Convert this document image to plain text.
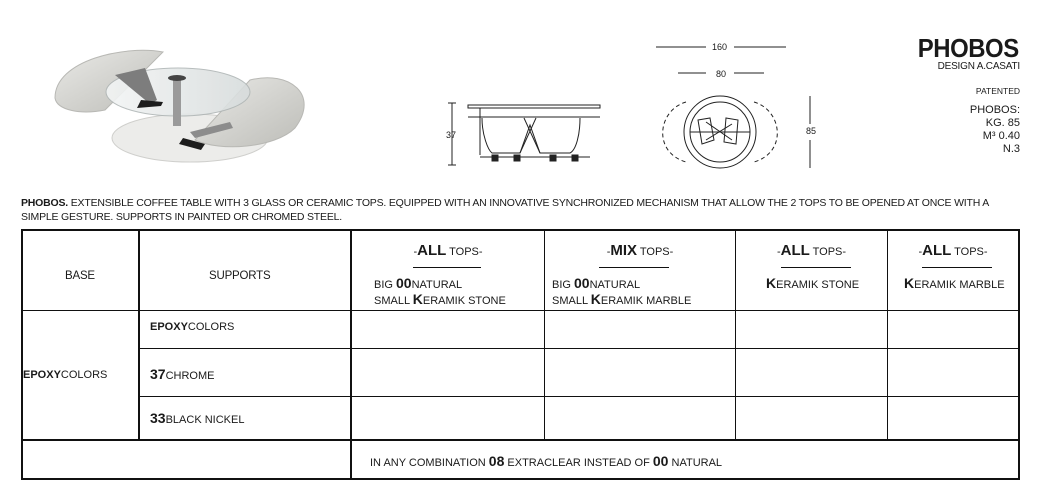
37
160
80
85
PHOBOS
DESIGN A.CASATI
PATENTED
PHOBOS:
KG. 85
M³ 0.40
N.3
PHOBOS. EXTENSIBLE COFFEE TABLE WITH 3 GLASS OR CERAMIC TOPS. EQUIPPED WITH AN INNOVATIVE SYNCHRONIZED MECHANISM THAT ALLOW THE 2 TOPS TO BE OPENED AT ONCE WITH A SIMPLE GESTURE. SUPPORTS IN PAINTED OR CHROMED STEEL.
BASE	SUPPORTS
-ALL TOPS-
BIG 00NATURAL
SMALL KERAMIK STONE
-MIX TOPS-
BIG 00NATURAL
SMALL KERAMIK MARBLE
-ALL TOPS-
KERAMIK STONE
-ALL TOPS-
KERAMIK MARBLE
EPOXYCOLORS
EPOXYCOLORS
37CHROME
33BLACK NICKEL
IN ANY COMBINATION 08 EXTRACLEAR INSTEAD OF 00 NATURAL
